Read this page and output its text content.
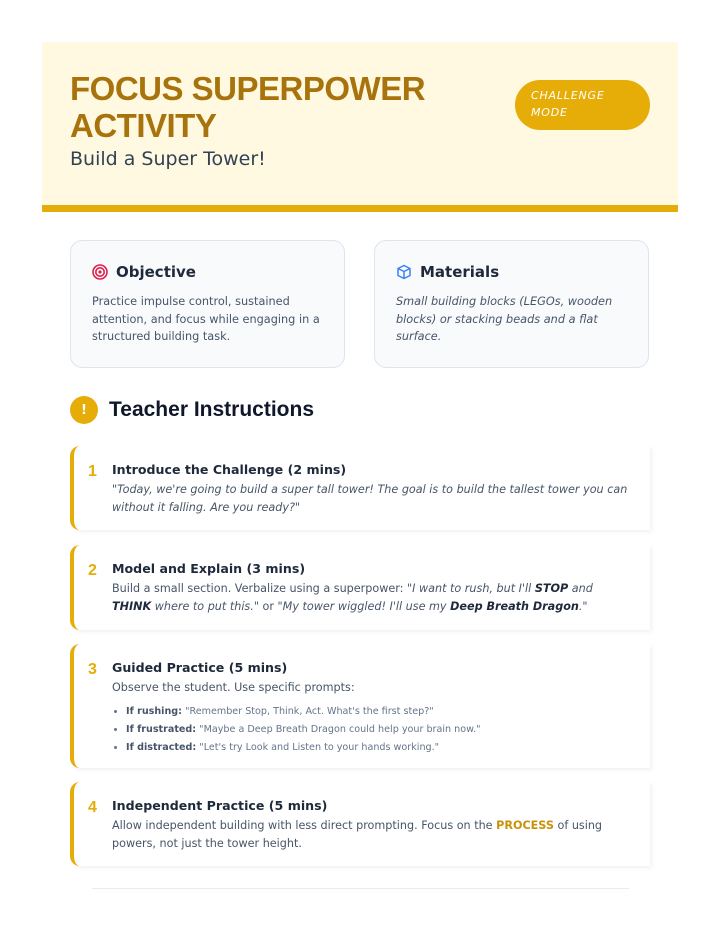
FOCUS SUPERPOWER ACTIVITY
Build a Super Tower!
CHALLENGE MODE
Objective
Practice impulse control, sustained attention, and focus while engaging in a structured building task.
Materials
Small building blocks (LEGOs, wooden blocks) or stacking beads and a flat surface.
!	Teacher Instructions
1	Introduce the Challenge (2 mins)
"Today, we're going to build a super tall tower! The goal is to build the tallest tower you can without it falling. Are you ready?"
2	Model and Explain (3 mins)
Build a small section. Verbalize using a superpower: "I want to rush, but I'll STOP and THINK where to put this." or "My tower wiggled! I'll use my Deep Breath Dragon."
3	Guided Practice (5 mins)
Observe the student. Use specific prompts:
• If rushing: "Remember Stop, Think, Act. What's the first step?"
• If frustrated: "Maybe a Deep Breath Dragon could help your brain now."
• If distracted: "Let's try Look and Listen to your hands working."
4	Independent Practice (5 mins)
Allow independent building with less direct prompting. Focus on the PROCESS of using powers, not just the tower height.
